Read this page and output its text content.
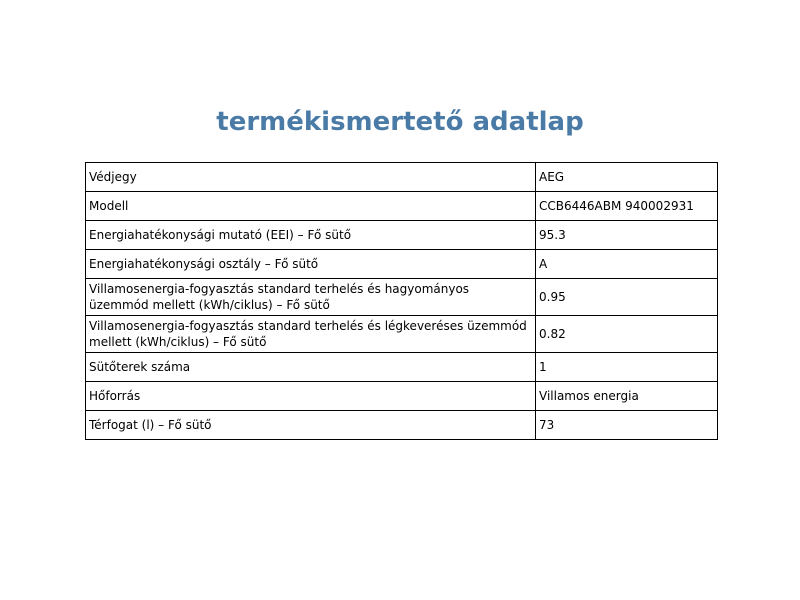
termékismertető adatlap
Védjegy	AEG
Modell	CCB6446ABM 940002931
Energiahatékonysági mutató (EEI) – Fő sütő	95.3
Energiahatékonysági osztály – Fő sütő	A
Villamosenergia-fogyasztás standard terhelés és hagyományos üzemmód mellett (kWh/ciklus) – Fő sütő	0.95
Villamosenergia-fogyasztás standard terhelés és légkeveréses üzemmód mellett (kWh/ciklus) – Fő sütő	0.82
Sütőterek száma	1
Hőforrás	Villamos energia
Térfogat (l) – Fő sütő	73
